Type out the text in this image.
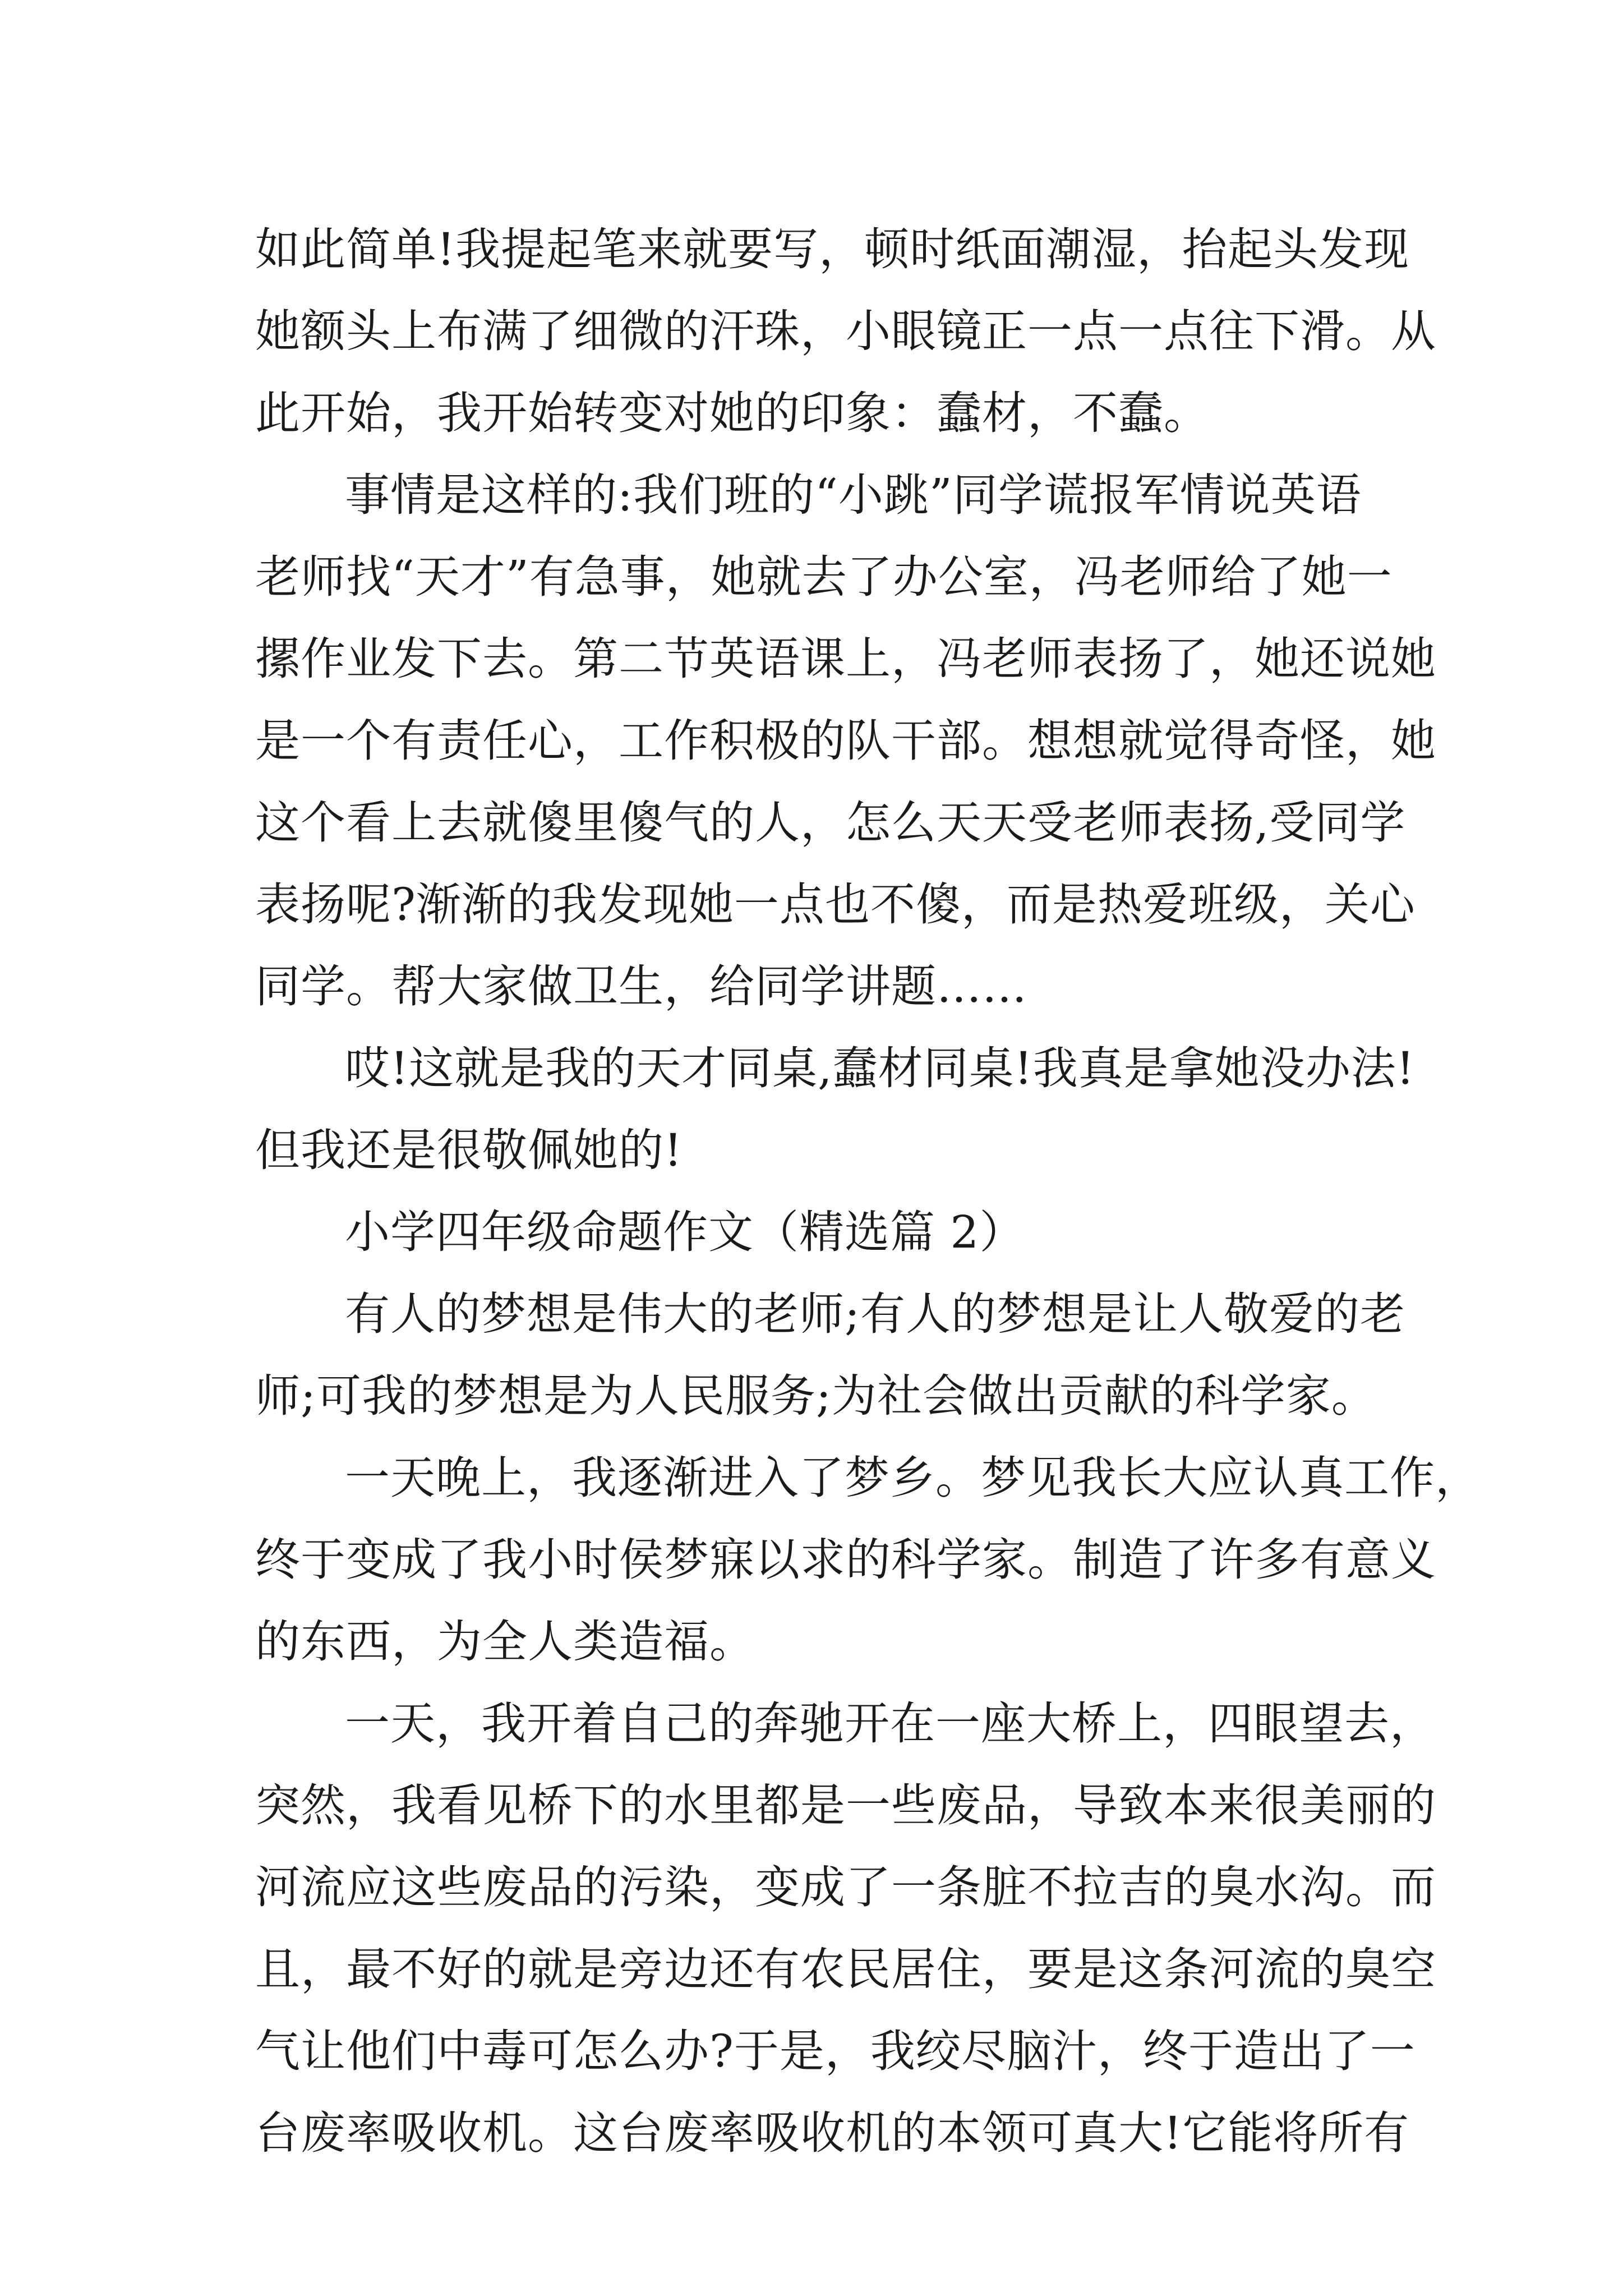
如此简单!我提起笔来就要写，顿时纸面潮湿，抬起头发现
她额头上布满了细微的汗珠，小眼镜正一点一点往下滑。从
此开始，我开始转变对她的印象：蠢材，不蠢。
事情是这样的:我们班的“小跳”同学谎报军情说英语
老师找“天才”有急事，她就去了办公室，冯老师给了她一
摞作业发下去。第二节英语课上，冯老师表扬了，她还说她
是一个有责任心，工作积极的队干部。想想就觉得奇怪，她
这个看上去就傻里傻气的人，怎么天天受老师表扬,受同学
表扬呢?渐渐的我发现她一点也不傻，而是热爱班级，关心
同学。帮大家做卫生，给同学讲题……
哎!这就是我的天才同桌,蠢材同桌!我真是拿她没办法!
但我还是很敬佩她的!
小学四年级命题作文（精选篇 2）
有人的梦想是伟大的老师;有人的梦想是让人敬爱的老
师;可我的梦想是为人民服务;为社会做出贡献的科学家。
一天晚上，我逐渐进入了梦乡。梦见我长大应认真工作，
终于变成了我小时侯梦寐以求的科学家。制造了许多有意义
的东西，为全人类造福。
一天，我开着自己的奔驰开在一座大桥上，四眼望去，
突然，我看见桥下的水里都是一些废品，导致本来很美丽的
河流应这些废品的污染，变成了一条脏不拉吉的臭水沟。而
且，最不好的就是旁边还有农民居住，要是这条河流的臭空
气让他们中毒可怎么办?于是，我绞尽脑汁，终于造出了一
台废率吸收机。这台废率吸收机的本领可真大!它能将所有
